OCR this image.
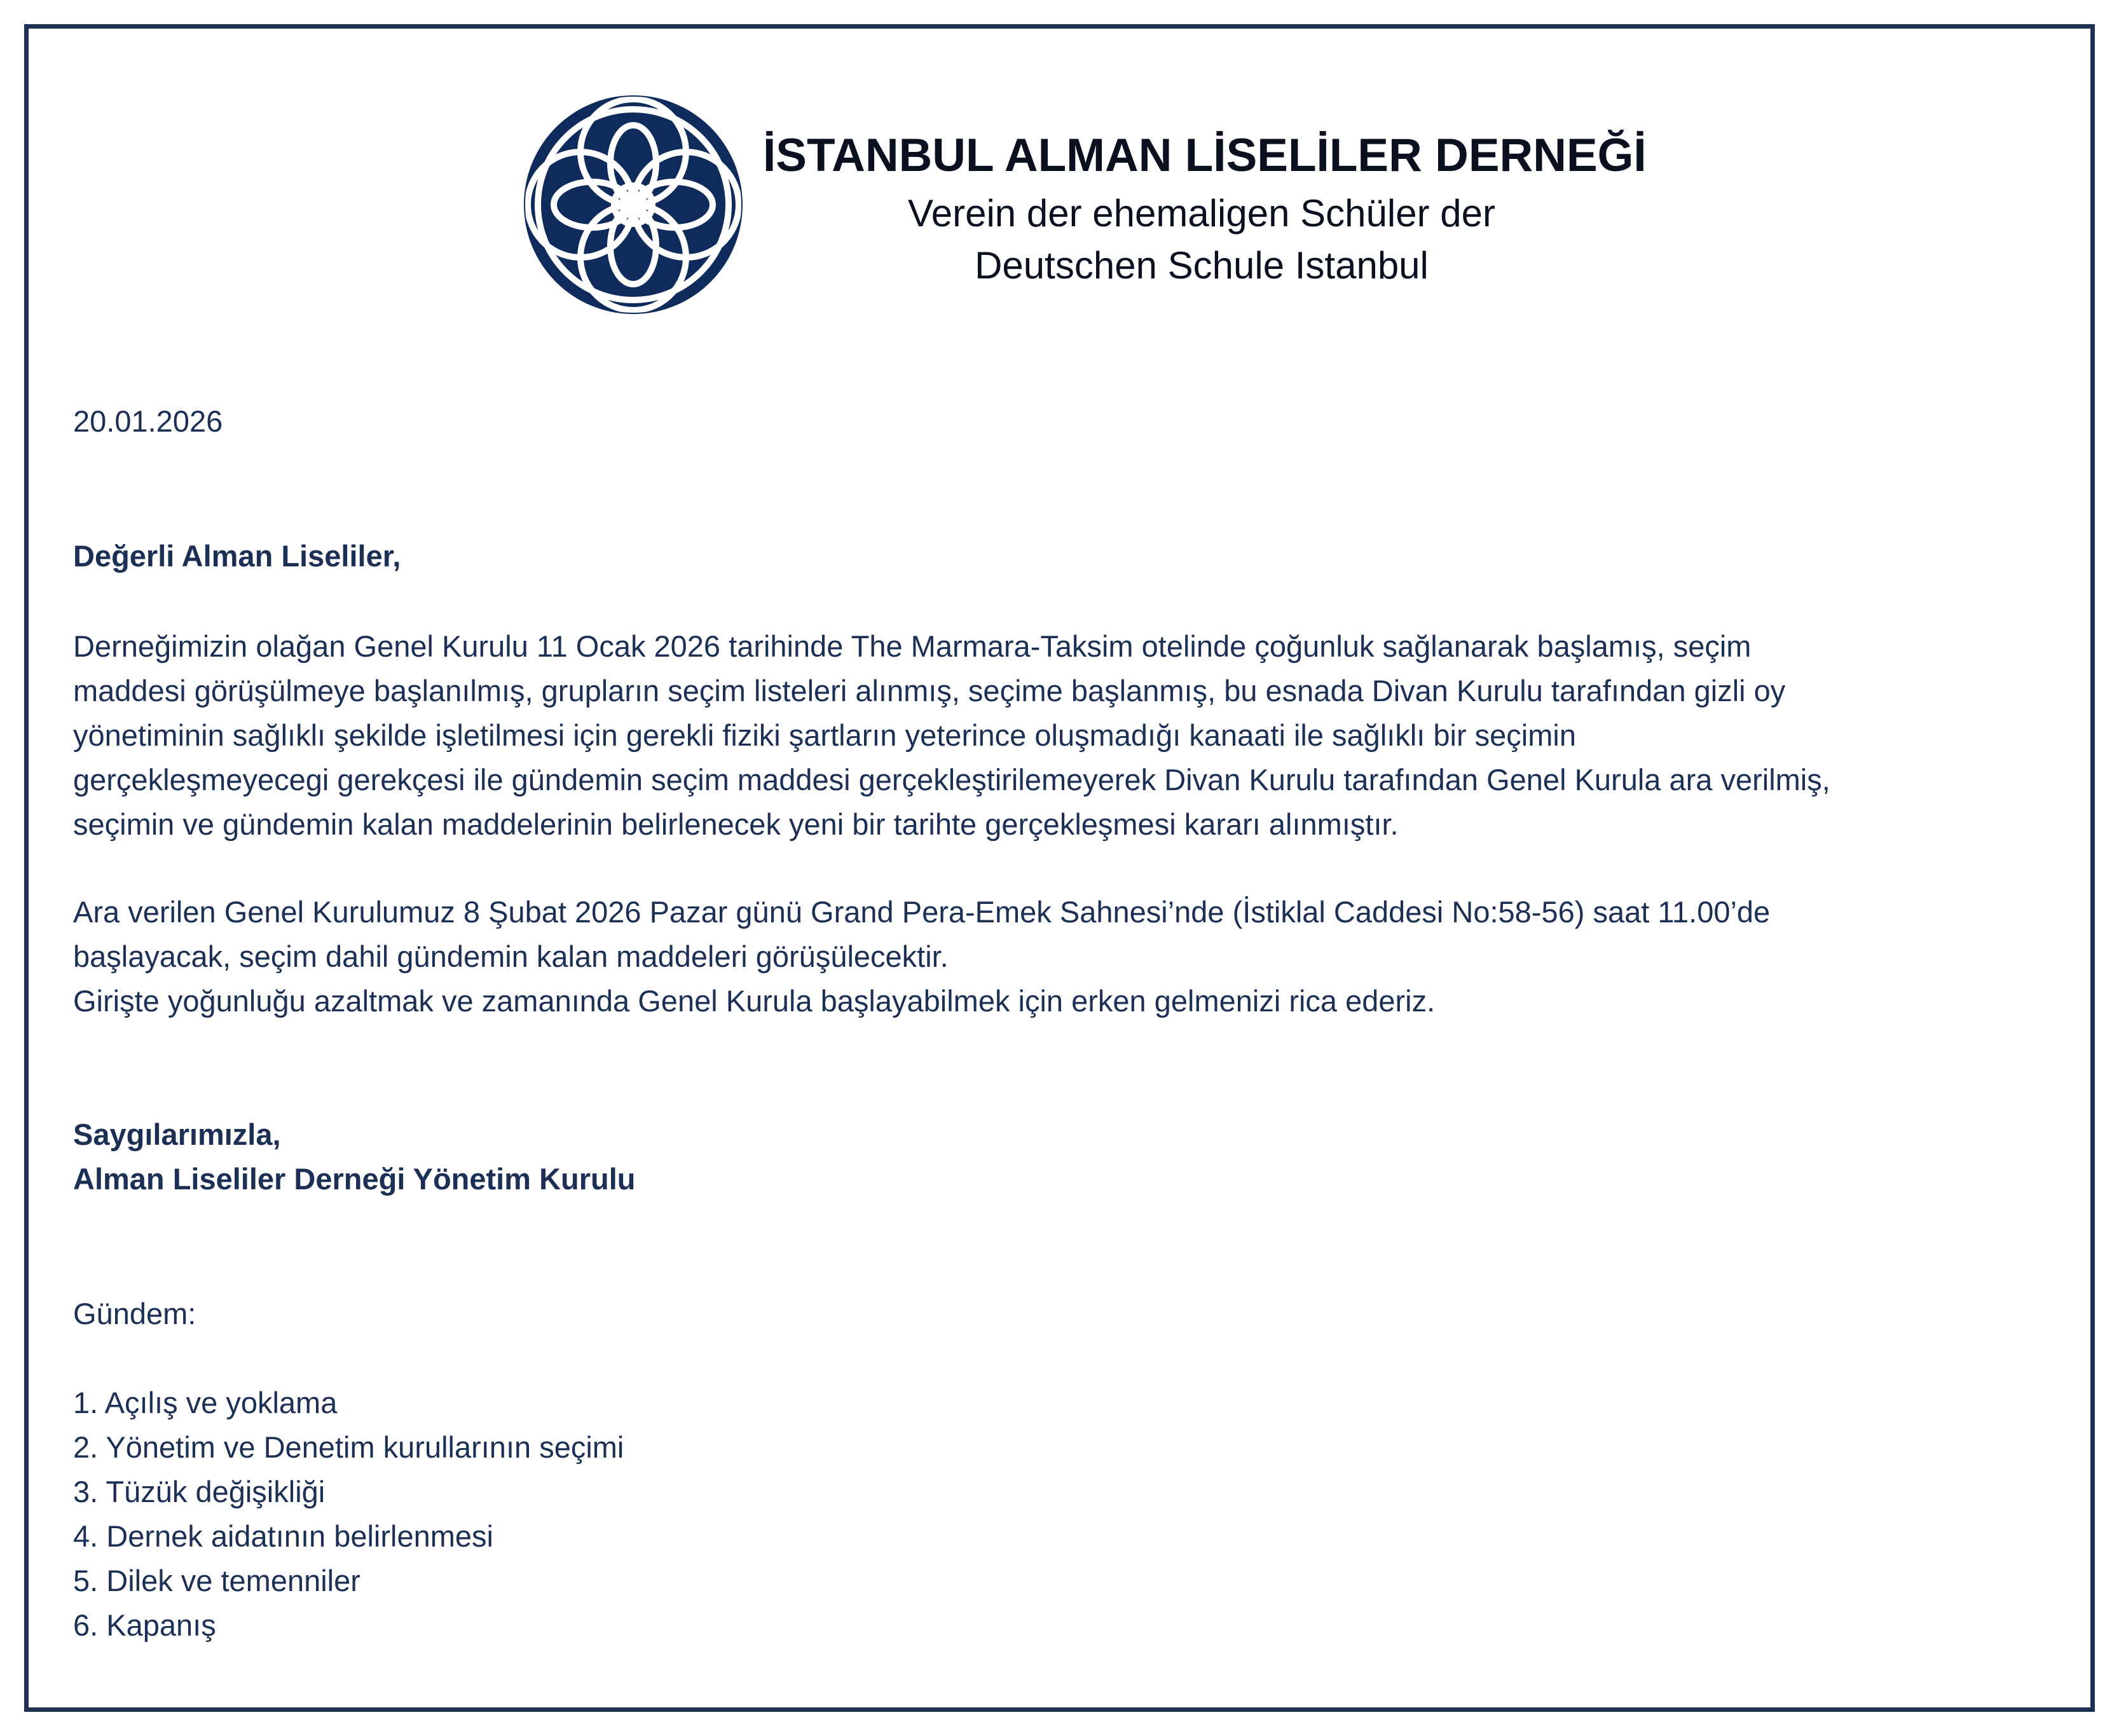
İSTANBUL ALMAN LİSELİLER DERNEĞİ
Verein der ehemaligen Schüler der
Deutschen Schule Istanbul
20.01.2026
Değerli Alman Liseliler,
Derneğimizin olağan Genel Kurulu 11 Ocak 2026 tarihinde The Marmara-Taksim otelinde çoğunluk sağlanarak başlamış, seçim
maddesi görüşülmeye başlanılmış, grupların seçim listeleri alınmış, seçime başlanmış, bu esnada Divan Kurulu tarafından gizli oy
yönetiminin sağlıklı şekilde işletilmesi için gerekli fiziki şartların yeterince oluşmadığı kanaati ile sağlıklı bir seçimin
gerçekleşmeyecegi gerekçesi ile gündemin seçim maddesi gerçekleştirilemeyerek Divan Kurulu tarafından Genel Kurula ara verilmiş,
seçimin ve gündemin kalan maddelerinin belirlenecek yeni bir tarihte gerçekleşmesi kararı alınmıştır.
Ara verilen Genel Kurulumuz 8 Şubat 2026 Pazar günü Grand Pera-Emek Sahnesi’nde (İstiklal Caddesi No:58-56) saat 11.00’de
başlayacak, seçim dahil gündemin kalan maddeleri görüşülecektir.
Girişte yoğunluğu azaltmak ve zamanında Genel Kurula başlayabilmek için erken gelmenizi rica ederiz.
Saygılarımızla,
Alman Liseliler Derneği Yönetim Kurulu
Gündem:
1. Açılış ve yoklama
2. Yönetim ve Denetim kurullarının seçimi
3. Tüzük değişikliği
4. Dernek aidatının belirlenmesi
5. Dilek ve temenniler
6. Kapanış
